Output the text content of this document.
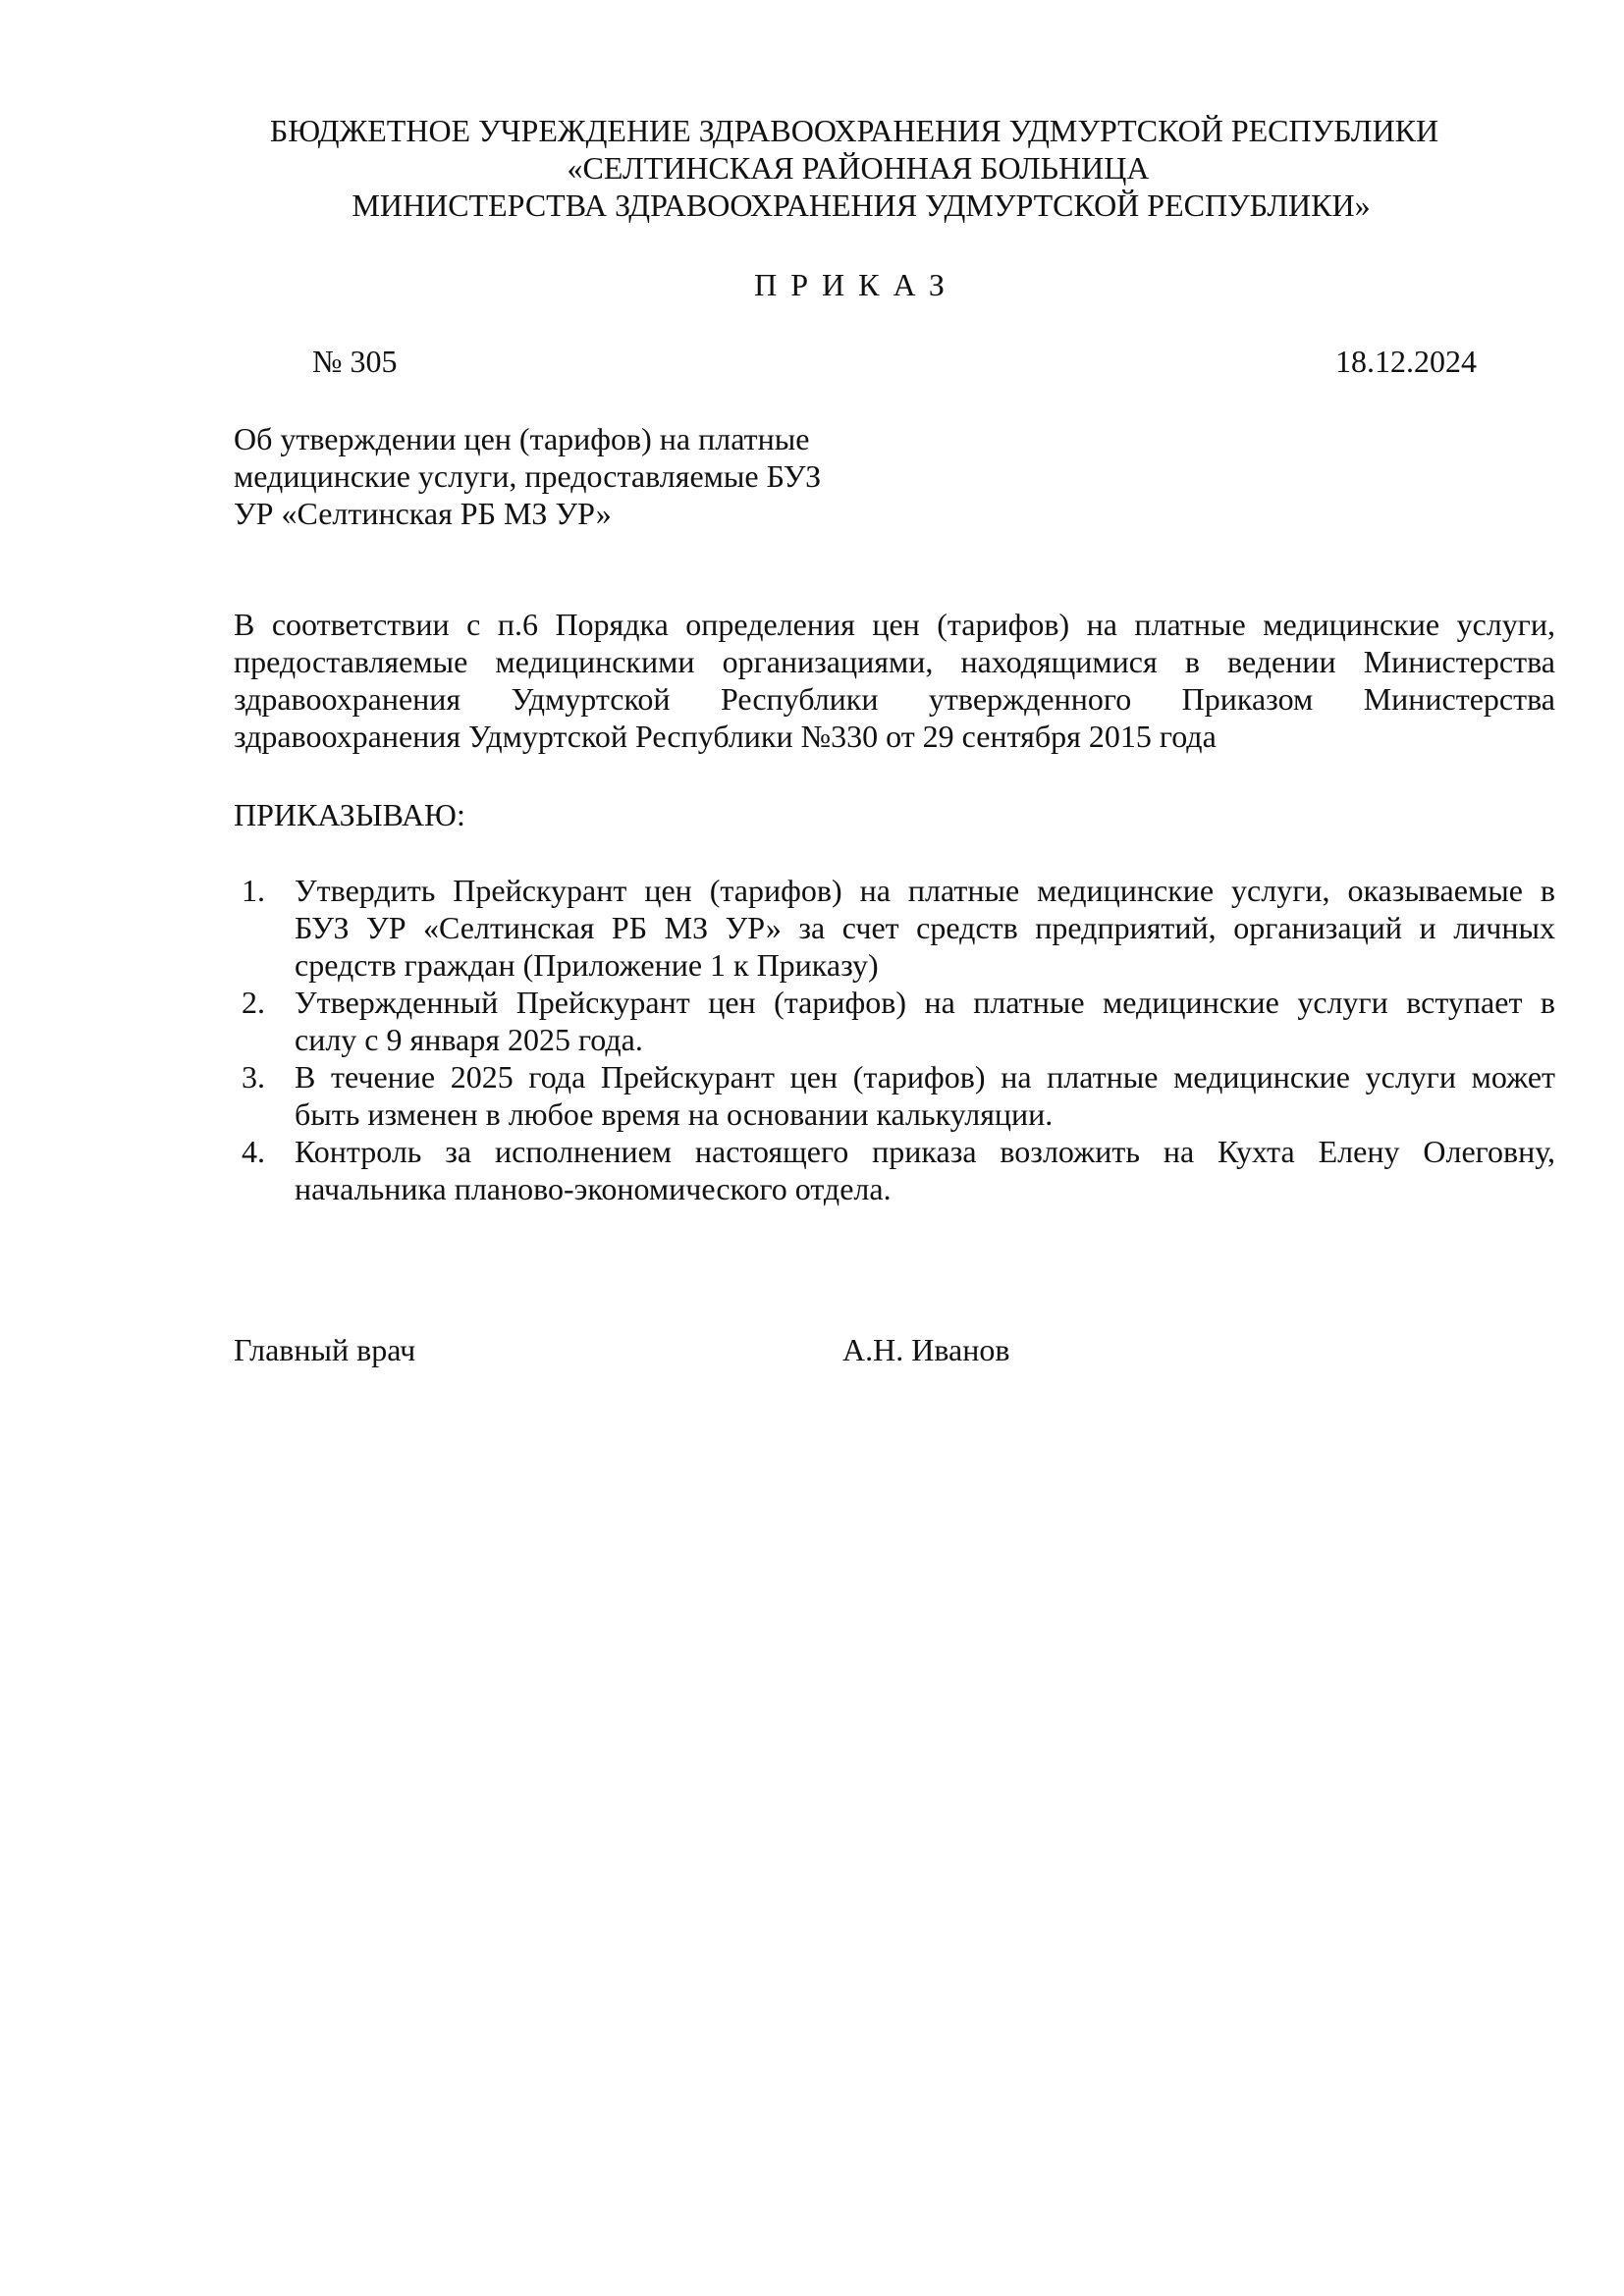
БЮДЖЕТНОЕ УЧРЕЖДЕНИЕ ЗДРАВООХРАНЕНИЯ УДМУРТСКОЙ РЕСПУБЛИКИ
«СЕЛТИНСКАЯ РАЙОННАЯ БОЛЬНИЦА
МИНИСТЕРСТВА ЗДРАВООХРАНЕНИЯ УДМУРТСКОЙ РЕСПУБЛИКИ»
ПРИКАЗ
№ 305	18.12.2024
Об утверждении цен (тарифов) на платные
медицинские услуги, предоставляемые БУЗ
УР «Селтинская РБ МЗ УР»
В соответствии с п.6 Порядка определения цен (тарифов) на платные медицинские услуги,
предоставляемые медицинскими организациями, находящимися в ведении Министерства
здравоохранения Удмуртской Республики утвержденного Приказом Министерства
здравоохранения Удмуртской Республики №330 от 29 сентября 2015 года
ПРИКАЗЫВАЮ:
1. Утвердить Прейскурант цен (тарифов) на платные медицинские услуги, оказываемые в
БУЗ УР «Селтинская РБ МЗ УР» за счет средств предприятий, организаций и личных
средств граждан (Приложение 1 к Приказу)
2. Утвержденный Прейскурант цен (тарифов) на платные медицинские услуги вступает в
силу с 9 января 2025 года.
3. В течение 2025 года Прейскурант цен (тарифов) на платные медицинские услуги может
быть изменен в любое время на основании калькуляции.
4. Контроль за исполнением настоящего приказа возложить на Кухта Елену Олеговну,
начальника планово-экономического отдела.
Главный врач	А.Н. Иванов
